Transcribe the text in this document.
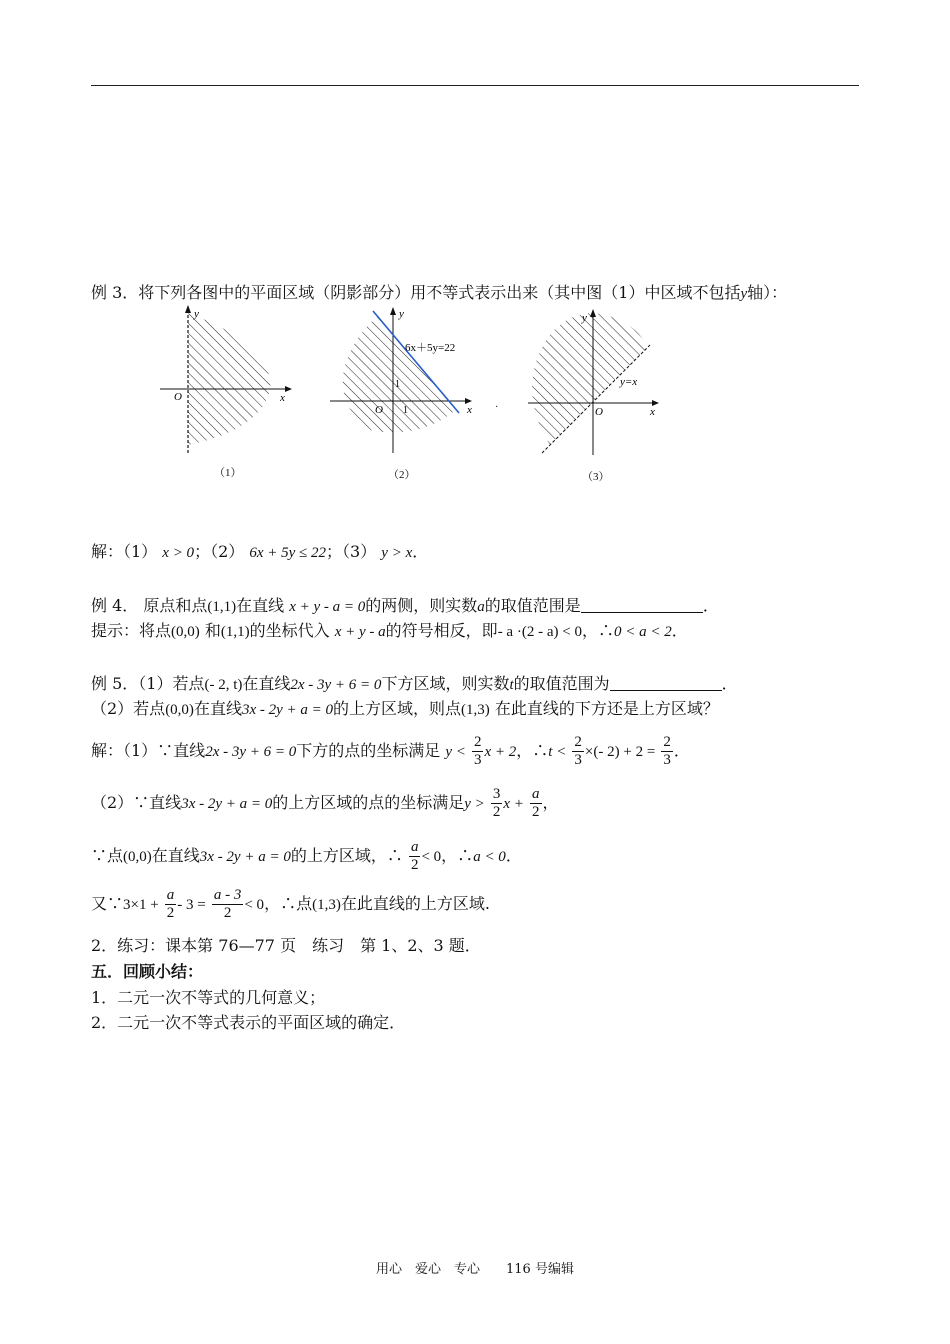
例 3．将下列各图中的平面区域（阴影部分）用不等式表示出来（其中图（1）中区域不包括y轴）：
O	x
y
（1）
O 1
1
x
y
6x＋5y=22
（2）
·	O	x
y
y=x
（3）
解：（1） x > 0；（2） 6x + 5y ≤ 22；（3） y > x．
例 4． 原点和点(1,1)在直线 x + y - a = 0的两侧，则实数a的取值范围是	．
提示：将点(0,0) 和(1,1)的坐标代入 x + y - a的符号相反，即- a ·(2 - a) < 0，∴0 < a < 2．
例 5．（1）若点(- 2, t)在直线2x - 3y + 6 = 0下方区域，则实数t的取值范围为	．
（2）若点(0,0)在直线3x - 2y + a = 0的上方区域，则点(1,3) 在此直线的下方还是上方区域？
解：（1）∵直线2x - 3y + 6 = 0下方的点的坐标满足 $y < \frac{2}{3}$ x + 2，∴t < $\frac{2}{3}$ ×(- $2) + 2 = \frac{2}{3}$ ．
（2）∵直线3x - 2y + a = 0的上方区域的点的坐标满足$y > \frac{3}{2}$ $x + \frac{a}{2}$ ，
∵点(0,0)在直线3x - 2y + a = 0的上方区域，∴ $\frac{a}{2} < 0$，∴a < 0．
又∵3×1 + $\frac{a}{2} - 3 = \frac{a - 3}{2} < 0$，∴点(1,3)在此直线的上方区域.
2．练习：课本第 76—77 页　练习　第 1、2、3 题．
五．回顾小结：
1．二元一次不等式的几何意义；
2．二元一次不等式表示的平面区域的确定．
用心　爱心　专心　　116 号编辑
